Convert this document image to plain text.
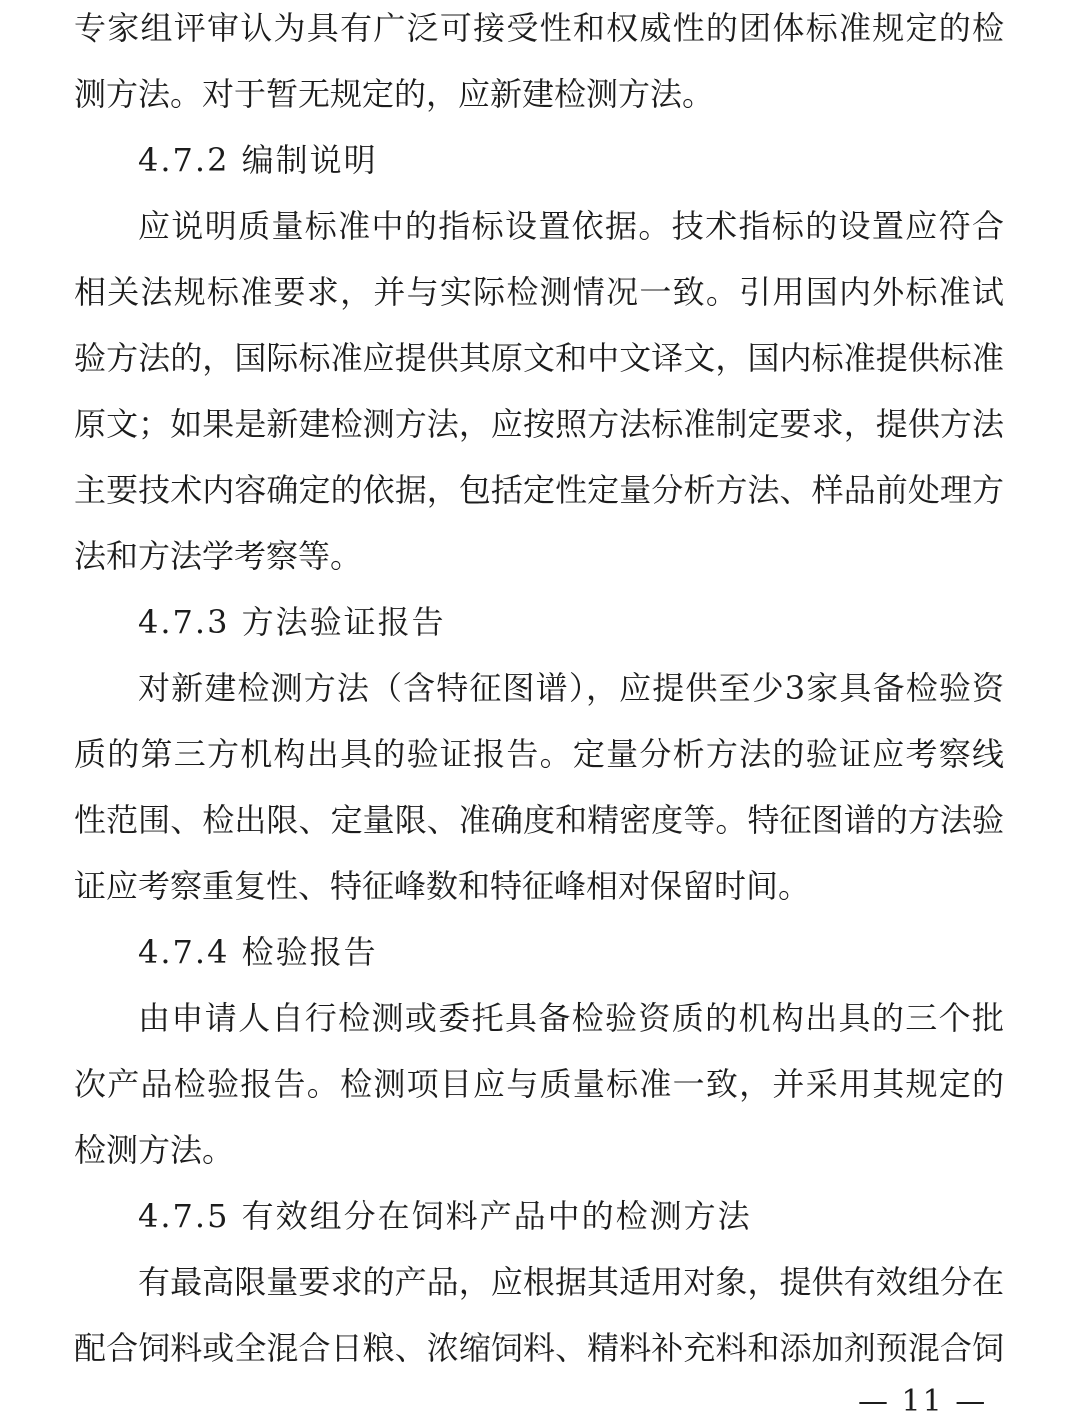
专家组评审认为具有广泛可接受性和权威性的团体标准规定的检
测方法。对于暂无规定的，应新建检测方法。
4.7.2 编制说明
应说明质量标准中的指标设置依据。技术指标的设置应符合
相关法规标准要求，并与实际检测情况一致。引用国内外标准试
验方法的，国际标准应提供其原文和中文译文，国内标准提供标准
原文；如果是新建检测方法，应按照方法标准制定要求，提供方法
主要技术内容确定的依据，包括定性定量分析方法、样品前处理方
法和方法学考察等。
4.7.3 方法验证报告
对新建检测方法（含特征图谱），应提供至少3家具备检验资
质的第三方机构出具的验证报告。定量分析方法的验证应考察线
性范围、检出限、定量限、准确度和精密度等。特征图谱的方法验
证应考察重复性、特征峰数和特征峰相对保留时间。
4.7.4 检验报告
由申请人自行检测或委托具备检验资质的机构出具的三个批
次产品检验报告。检测项目应与质量标准一致，并采用其规定的
检测方法。
4.7.5 有效组分在饲料产品中的检测方法
有最高限量要求的产品，应根据其适用对象，提供有效组分在
配合饲料或全混合日粮、浓缩饲料、精料补充料和添加剂预混合饲
— 11 —
